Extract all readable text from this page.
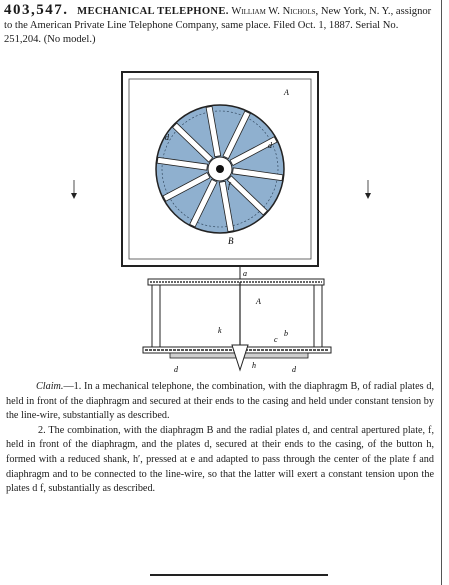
403,547. MECHANICAL TELEPHONE. William W. Nichols, New York, N. Y., assignor to the American Private Line Telephone Company, same place. Filed Oct. 1, 1887. Serial No. 251,204. (No model.)
A
d
d
f
B
a
A
k	b
c
h
d	d

Claim.—1. In a mechanical telephone, the combination, with the diaphragm B, of radial plates d, held in front of the diaphragm and secured at their ends to the casing and held under constant tension by the line-wire, substantially as described.

2. The combination, with the diaphragm B and the radial plates d, and central apertured plate, f, held in front of the diaphragm, and the plates d, secured at their ends to the casing, of the button h, formed with a reduced shank, h′, pressed at e and adapted to pass through the center of the plate f and diaphragm and to be connected to the line-wire, so that the latter will exert a constant tension upon the plates d f, substantially as described.
